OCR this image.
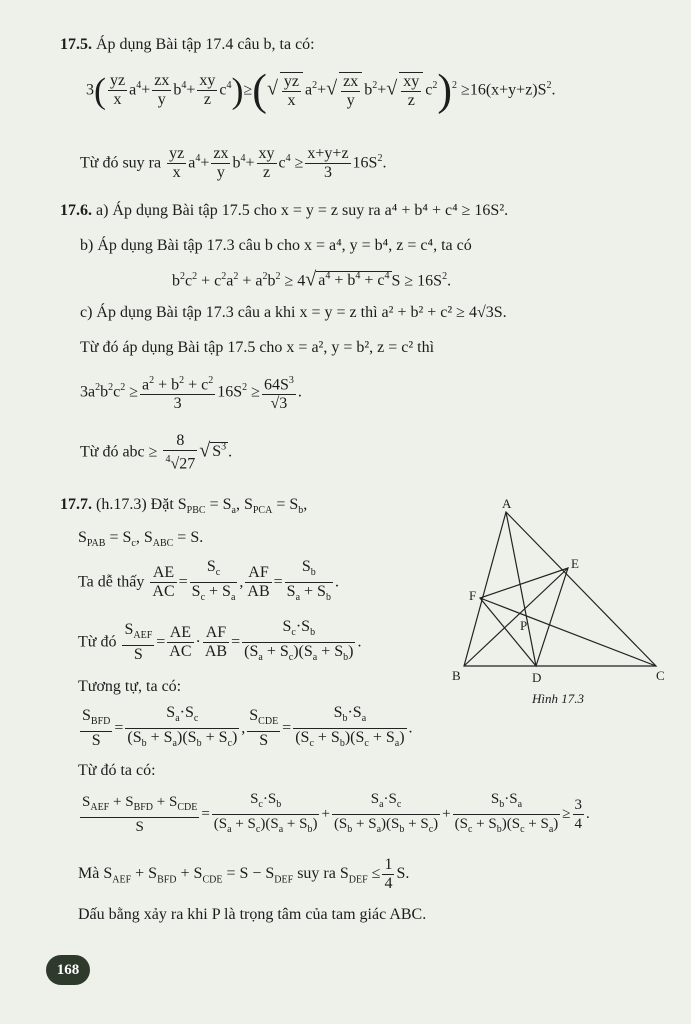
17.5. Áp dụng Bài tập 17.4 câu b, ta có:
$3( \frac{yz}{x} a^4+ \frac{zx}{y} b^4+ \frac{xy}{z} c^4)\ge(√ \frac{yz}{x} a^2+√ \frac{zx}{y} b^2+√ \frac{xy}{z} c^2)^2 \ge 16(x+y+z)S^2$.
Từ đó suy ra $\frac{yz}{x} a^4+ \frac{zx}{y} b^4+ \frac{xy}{z} c^4 \ge \frac{x+y+z}{3} 16S^2$.
17.6. a) Áp dụng Bài tập 17.5 cho x = y = z suy ra a⁴ + b⁴ + c⁴ ≥ 16S².
b) Áp dụng Bài tập 17.3 câu b cho x = a⁴, y = b⁴, z = c⁴, ta có
$b^2c^2 + c^2a^2 + a^2b^2 \ge 4√$ $a^4 + b^4 + c^4$ $S \ge 16S^2$.
c) Áp dụng Bài tập 17.3 câu a khi x = y = z thì a² + b² + c² ≥ 4√3S.
Từ đó áp dụng Bài tập 17.5 cho x = a², y = b², z = c² thì
$3a^2b^2c^2 \ge \frac{a^2 + b^2 + c^2}{3} 16S^2 \ge \frac{64S^3}{√3}$ .
Từ đó abc ≥ $\frac{8}{^4√27}$ √ $S^3$ .
17.7. (h.17.3) Đặt $S_{PBC} = S_a$, $S_{PCA} = S_b$,
$S_{PAB} = S_c$, $S_{ABC} = S$.
Ta dễ thấy $\frac{AE}{AC} = \frac{S_c}{S_c + S_a}$ , $\frac{AF}{AB} = \frac{S_b}{S_a + S_b}$ .
Từ đó $\frac{S_{AEF}}{S} = \frac{AE}{AC} \cdot \frac{AF}{AB} = \frac{S_c\cdot S_b}{(S_a + S_c)(S_a + S_b)}$ .
Tương tự, ta có:
$\frac{S_{BFD}}{S} = \frac{S_a\cdot S_c}{(S_b + S_a)(S_b + S_c)}$ , $\frac{S_{CDE}}{S} = \frac{S_b\cdot S_a}{(S_c + S_b)(S_c + S_a)}$ .
Từ đó ta có:
$\frac{S_{AEF} + S_{BFD} + S_{CDE}}{S} = \frac{S_c\cdot S_b}{(S_a + S_c)(S_a + S_b)} + \frac{S_a\cdot S_c}{(S_b + S_a)(S_b + S_c)} + \frac{S_b\cdot S_a}{(S_c + S_b)(S_c + S_a)} \ge \frac{3}{4}$ .
Mà $S_{AEF} + S_{BFD} + S_{CDE} = S - S_{DEF}$ suy ra $S_{DEF} \le \frac{1}{4} S$.
Dấu bằng xảy ra khi P là trọng tâm của tam giác ABC.
A
B	C
D
E
F
P
Hình 17.3
168
